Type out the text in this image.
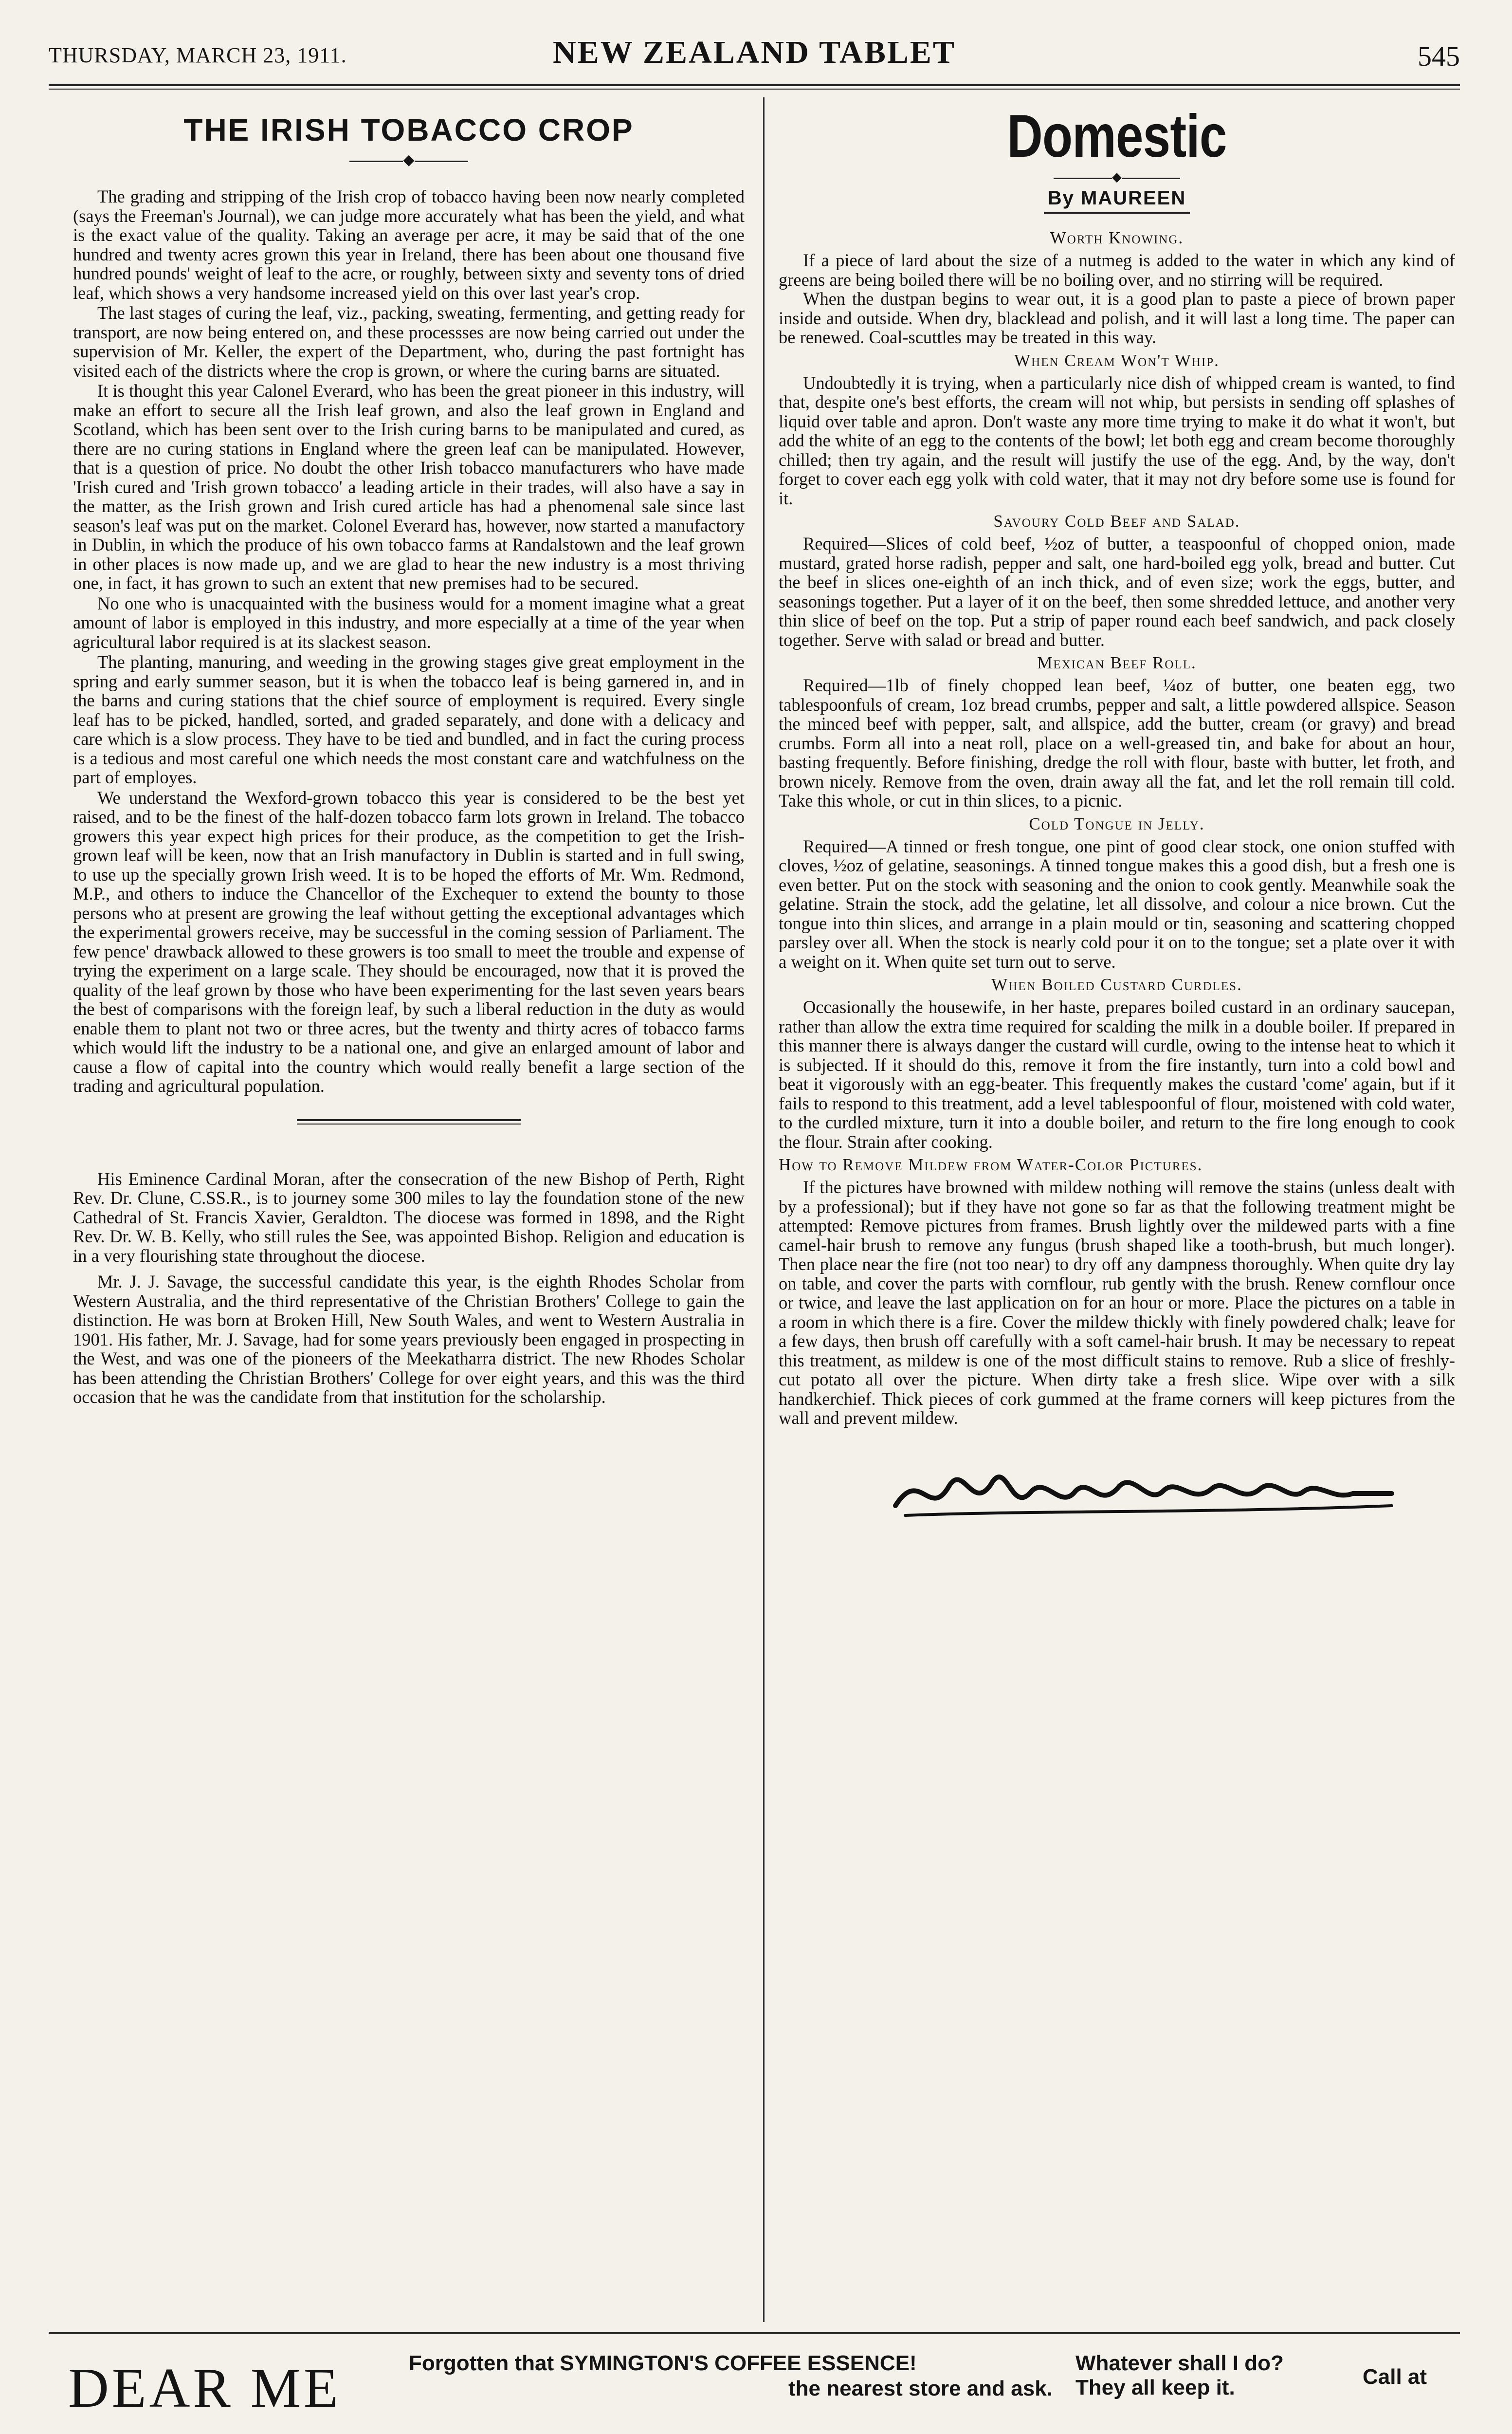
THURSDAY, MARCH 23, 1911.	NEW ZEALAND TABLET	545
THE IRISH TOBACCO CROP
◆

The grading and stripping of the Irish crop of tobacco having been now nearly completed (says the Freeman's Journal), we can judge more accurately what has been the yield, and what is the exact value of the quality. Taking an average per acre, it may be said that of the one hundred and twenty acres grown this year in Ireland, there has been about one thousand five hundred pounds' weight of leaf to the acre, or roughly, between sixty and seventy tons of dried leaf, which shows a very handsome increased yield on this over last year's crop.

The last stages of curing the leaf, viz., packing, sweating, fermenting, and getting ready for transport, are now being entered on, and these processses are now being carried out under the supervision of Mr. Keller, the expert of the Department, who, during the past fortnight has visited each of the districts where the crop is grown, or where the curing barns are situated.

It is thought this year Calonel Everard, who has been the great pioneer in this industry, will make an effort to secure all the Irish leaf grown, and also the leaf grown in England and Scotland, which has been sent over to the Irish curing barns to be manipulated and cured, as there are no curing stations in England where the green leaf can be manipulated. However, that is a question of price. No doubt the other Irish tobacco manufacturers who have made 'Irish cured and 'Irish grown tobacco' a leading article in their trades, will also have a say in the matter, as the Irish grown and Irish cured article has had a phenomenal sale since last season's leaf was put on the market. Colonel Everard has, however, now started a manufactory in Dublin, in which the produce of his own tobacco farms at Randalstown and the leaf grown in other places is now made up, and we are glad to hear the new industry is a most thriving one, in fact, it has grown to such an extent that new premises had to be secured.

No one who is unacquainted with the business would for a moment imagine what a great amount of labor is employed in this industry, and more especially at a time of the year when agricultural labor required is at its slackest season.

The planting, manuring, and weeding in the growing stages give great employment in the spring and early summer season, but it is when the tobacco leaf is being garnered in, and in the barns and curing stations that the chief source of employment is required. Every single leaf has to be picked, handled, sorted, and graded separately, and done with a delicacy and care which is a slow process. They have to be tied and bundled, and in fact the curing process is a tedious and most careful one which needs the most constant care and watchfulness on the part of employes.

We understand the Wexford-grown tobacco this year is considered to be the best yet raised, and to be the finest of the half-dozen tobacco farm lots grown in Ireland. The tobacco growers this year expect high prices for their produce, as the competition to get the Irish-grown leaf will be keen, now that an Irish manufactory in Dublin is started and in full swing, to use up the specially grown Irish weed. It is to be hoped the efforts of Mr. Wm. Redmond, M.P., and others to induce the Chancellor of the Exchequer to extend the bounty to those persons who at present are growing the leaf without getting the exceptional advantages which the experimental growers receive, may be successful in the coming session of Parliament. The few pence' drawback allowed to these growers is too small to meet the trouble and expense of trying the experiment on a large scale. They should be encouraged, now that it is proved the quality of the leaf grown by those who have been experimenting for the last seven years bears the best of comparisons with the foreign leaf, by such a liberal reduction in the duty as would enable them to plant not two or three acres, but the twenty and thirty acres of tobacco farms which would lift the industry to be a national one, and give an enlarged amount of labor and cause a flow of capital into the country which would really benefit a large section of the trading and agricultural population.

His Eminence Cardinal Moran, after the consecration of the new Bishop of Perth, Right Rev. Dr. Clune, C.SS.R., is to journey some 300 miles to lay the foundation stone of the new Cathedral of St. Francis Xavier, Geraldton. The diocese was formed in 1898, and the Right Rev. Dr. W. B. Kelly, who still rules the See, was appointed Bishop. Religion and education is in a very flourishing state throughout the diocese.

Mr. J. J. Savage, the successful candidate this year, is the eighth Rhodes Scholar from Western Australia, and the third representative of the Christian Brothers' College to gain the distinction. He was born at Broken Hill, New South Wales, and went to Western Australia in 1901. His father, Mr. J. Savage, had for some years previously been engaged in prospecting in the West, and was one of the pioneers of the Meekatharra district. The new Rhodes Scholar has been attending the Christian Brothers' College for over eight years, and this was the third occasion that he was the candidate from that institution for the scholarship.

Domestic
◆
By MAUREEN
Worth Knowing.

If a piece of lard about the size of a nutmeg is added to the water in which any kind of greens are being boiled there will be no boiling over, and no stirring will be required.

When the dustpan begins to wear out, it is a good plan to paste a piece of brown paper inside and outside. When dry, blacklead and polish, and it will last a long time. The paper can be renewed. Coal-scuttles may be treated in this way.

When Cream Won't Whip.

Undoubtedly it is trying, when a particularly nice dish of whipped cream is wanted, to find that, despite one's best efforts, the cream will not whip, but persists in sending off splashes of liquid over table and apron. Don't waste any more time trying to make it do what it won't, but add the white of an egg to the contents of the bowl; let both egg and cream become thoroughly chilled; then try again, and the result will justify the use of the egg. And, by the way, don't forget to cover each egg yolk with cold water, that it may not dry before some use is found for it.

Savoury Cold Beef and Salad.

Required—Slices of cold beef, ½oz of butter, a teaspoonful of chopped onion, made mustard, grated horse radish, pepper and salt, one hard-boiled egg yolk, bread and butter. Cut the beef in slices one-eighth of an inch thick, and of even size; work the eggs, butter, and seasonings together. Put a layer of it on the beef, then some shredded lettuce, and another very thin slice of beef on the top. Put a strip of paper round each beef sandwich, and pack closely together. Serve with salad or bread and butter.

Mexican Beef Roll.

Required—1lb of finely chopped lean beef, ¼oz of butter, one beaten egg, two tablespoonfuls of cream, 1oz bread crumbs, pepper and salt, a little powdered allspice. Season the minced beef with pepper, salt, and allspice, add the butter, cream (or gravy) and bread crumbs. Form all into a neat roll, place on a well-greased tin, and bake for about an hour, basting frequently. Before finishing, dredge the roll with flour, baste with butter, let froth, and brown nicely. Remove from the oven, drain away all the fat, and let the roll remain till cold. Take this whole, or cut in thin slices, to a picnic.

Cold Tongue in Jelly.

Required—A tinned or fresh tongue, one pint of good clear stock, one onion stuffed with cloves, ½oz of gelatine, seasonings. A tinned tongue makes this a good dish, but a fresh one is even better. Put on the stock with seasoning and the onion to cook gently. Meanwhile soak the gelatine. Strain the stock, add the gelatine, let all dissolve, and colour a nice brown. Cut the tongue into thin slices, and arrange in a plain mould or tin, seasoning and scattering chopped parsley over all. When the stock is nearly cold pour it on to the tongue; set a plate over it with a weight on it. When quite set turn out to serve.

When Boiled Custard Curdles.

Occasionally the housewife, in her haste, prepares boiled custard in an ordinary saucepan, rather than allow the extra time required for scalding the milk in a double boiler. If prepared in this manner there is always danger the custard will curdle, owing to the intense heat to which it is subjected. If it should do this, remove it from the fire instantly, turn into a cold bowl and beat it vigorously with an egg-beater. This frequently makes the custard 'come' again, but if it fails to respond to this treatment, add a level tablespoonful of flour, moistened with cold water, to the curdled mixture, turn it into a double boiler, and return to the fire long enough to cook the flour. Strain after cooking.

How to Remove Mildew from Water-Color Pictures.

If the pictures have browned with mildew nothing will remove the stains (unless dealt with by a professional); but if they have not gone so far as that the following treatment might be attempted: Remove pictures from frames. Brush lightly over the mildewed parts with a fine camel-hair brush to remove any fungus (brush shaped like a tooth-brush, but much longer). Then place near the fire (not too near) to dry off any dampness thoroughly. When quite dry lay on table, and cover the parts with cornflour, rub gently with the brush. Renew cornflour once or twice, and leave the last application on for an hour or more. Place the pictures on a table in a room in which there is a fire. Cover the mildew thickly with finely powdered chalk; leave for a few days, then brush off carefully with a soft camel-hair brush. It may be necessary to repeat this treatment, as mildew is one of the most difficult stains to remove. Rub a slice of freshly-cut potato all over the picture. When dirty take a fresh slice. Wipe over with a silk handkerchief. Thick pieces of cork gummed at the frame corners will keep pictures from the wall and prevent mildew.

DEAR ME	Forgotten that SYMINGTON'S COFFEE ESSENCE!
the nearest store and ask.
Whatever shall I do? They all keep it.	Call at
